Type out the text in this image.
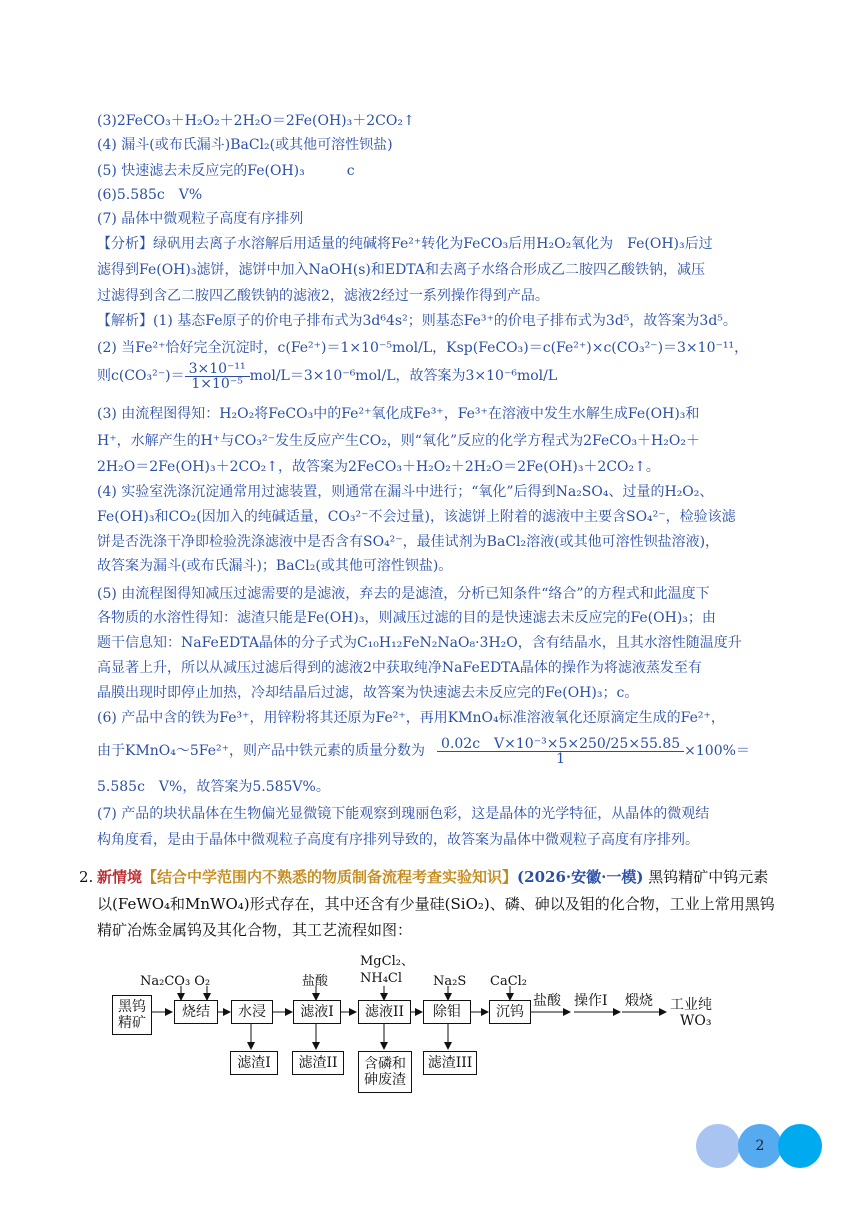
(3)2FeCO₃＋H₂O₂＋2H₂O＝2Fe(OH)₃＋2CO₂↑
(4) 漏斗(或布氏漏斗)BaCl₂(或其他可溶性钡盐)
(5) 快速滤去未反应完的Fe(OH)₃　　　c
(6)5.585c　V%
(7) 晶体中微观粒子高度有序排列
【分析】绿矾用去离子水溶解后用适量的纯碱将Fe²⁺转化为FeCO₃后用H₂O₂氧化为　Fe(OH)₃后过
滤得到Fe(OH)₃滤饼，滤饼中加入NaOH(s)和EDTA和去离子水络合形成乙二胺四乙酸铁钠，减压
过滤得到含乙二胺四乙酸铁钠的滤液2，滤液2经过一系列操作得到产品。
【解析】(1) 基态Fe原子的价电子排布式为3d⁶4s²；则基态Fe³⁺的价电子排布式为3d⁵，故答案为3d⁵。
(2) 当Fe²⁺恰好完全沉淀时，c(Fe²⁺)＝1×10⁻⁵mol/L，Ksp(FeCO₃)＝c(Fe²⁺)×c(CO₃²⁻)＝3×10⁻¹¹，
则$c(CO_3^{2-})= \frac{\text{3×10⁻¹¹}}{\text{1×10⁻⁵}} mol/L=3\times 10^{-6}mol/L$，故答案为3×10⁻⁶mol/L
(3) 由流程图得知：H₂O₂将FeCO₃中的Fe²⁺氧化成Fe³⁺，Fe³⁺在溶液中发生水解生成Fe(OH)₃和
H⁺，水解产生的H⁺与CO₃²⁻发生反应产生CO₂，则“氧化”反应的化学方程式为2FeCO₃＋H₂O₂＋
2H₂O＝2Fe(OH)₃＋2CO₂↑，故答案为2FeCO₃＋H₂O₂＋2H₂O＝2Fe(OH)₃＋2CO₂↑。
(4) 实验室洗涤沉淀通常用过滤装置，则通常在漏斗中进行；“氧化”后得到Na₂SO₄、过量的H₂O₂、
Fe(OH)₃和CO₂(因加入的纯碱适量，CO₃²⁻不会过量)，该滤饼上附着的滤液中主要含SO₄²⁻，检验该滤
饼是否洗涤干净即检验洗涤滤液中是否含有SO₄²⁻，最佳试剂为BaCl₂溶液(或其他可溶性钡盐溶液)，
故答案为漏斗(或布氏漏斗)；BaCl₂(或其他可溶性钡盐)。
(5) 由流程图得知减压过滤需要的是滤液，弃去的是滤渣，分析已知条件“络合”的方程式和此温度下
各物质的水溶性得知：滤渣只能是Fe(OH)₃，则减压过滤的目的是快速滤去未反应完的Fe(OH)₃；由
题干信息知：NaFeEDTA晶体的分子式为C₁₀H₁₂FeN₂NaO₈·3H₂O，含有结晶水，且其水溶性随温度升
高显著上升，所以从减压过滤后得到的滤液2中获取纯净NaFeEDTA晶体的操作为将滤液蒸发至有
晶膜出现时即停止加热，冷却结晶后过滤，故答案为快速滤去未反应完的Fe(OH)₃；c。
(6) 产品中含的铁为Fe³⁺，用锌粉将其还原为Fe²⁺，再用KMnO₄标准溶液氧化还原滴定生成的Fe²⁺，
由于KMnO₄～5Fe²⁺，则产品中铁元素的质量分数为 $\frac{\text{0.02c　V×10⁻³×5×250/25×55.85}}{1} \times 100\%=$
5.585c　V%，故答案为5.585V%。
(7) 产品的块状晶体在生物偏光显微镜下能观察到瑰丽色彩，这是晶体的光学特征，从晶体的微观结
构角度看，是由于晶体中微观粒子高度有序排列导致的，故答案为晶体中微观粒子高度有序排列。
2. 新情境【结合中学范围内不熟悉的物质制备流程考查实验知识】(2026·安徽·一模) 黑钨精矿中钨元素
以(FeWO₄和MnWO₄)形式存在，其中还含有少量硅(SiO₂)、磷、砷以及钼的化合物，工业上常用黑钨
精矿冶炼金属钨及其化合物，其工艺流程如图：
Na₂CO₃ O₂	盐酸
MgCl₂、
NH₄Cl Na₂S CaCl₂
黑钨
精矿
烧结	水浸	滤液I	滤液II	除钼	沉钨
盐酸 操作I 煅烧 工业纯
WO₃
滤渣I	滤渣II	含磷和
砷废渣
滤渣III
2
